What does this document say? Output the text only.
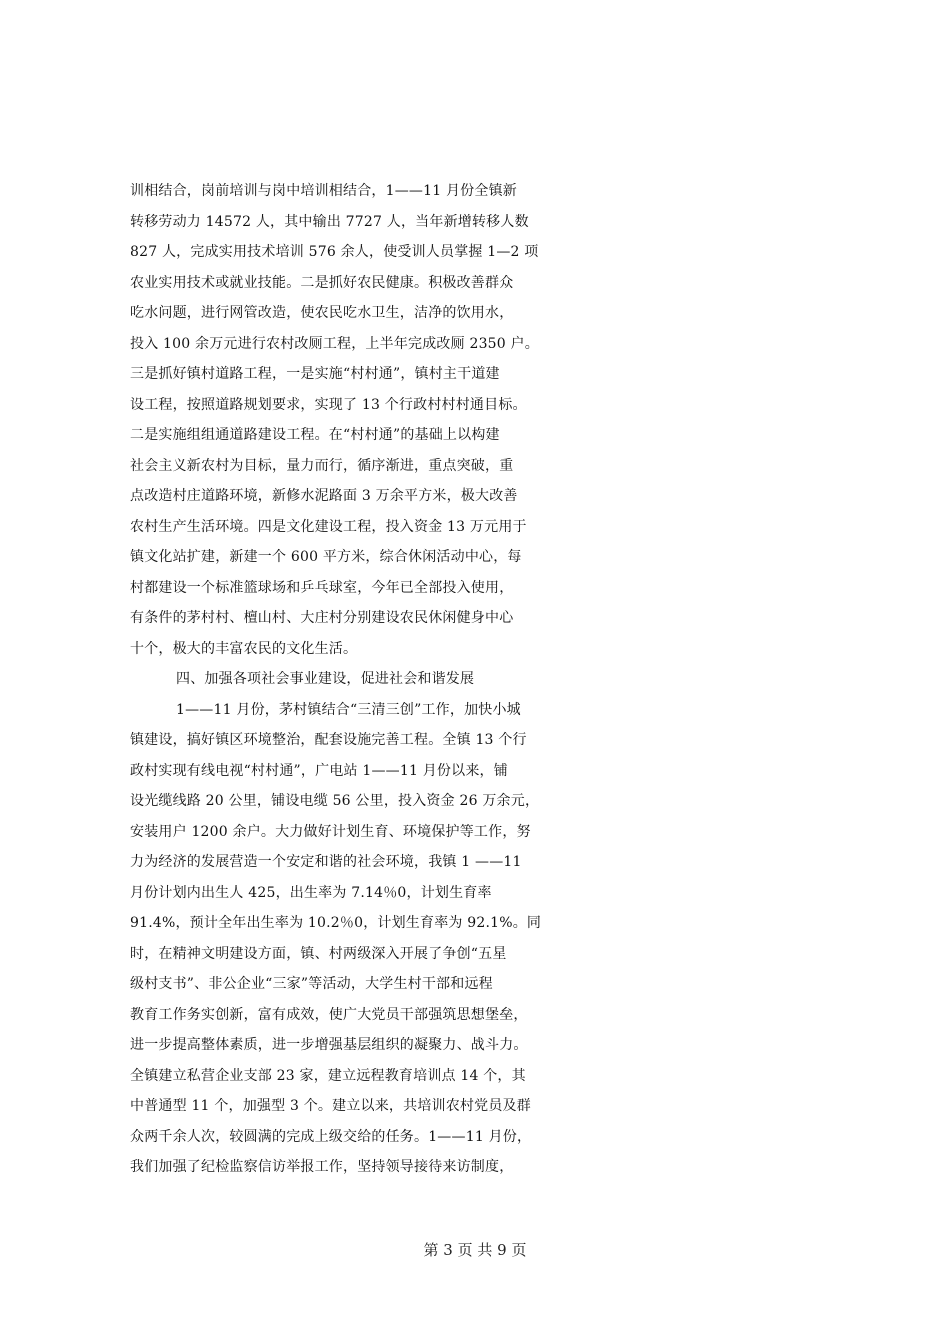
训相结合，岗前培训与岗中培训相结合，1——11 月份全镇新
转移劳动力 14572 人，其中输出 7727 人，当年新增转移人数
827 人，完成实用技术培训 576 余人，使受训人员掌握 1—2 项
农业实用技术或就业技能。二是抓好农民健康。积极改善群众
吃水问题，进行网管改造，使农民吃水卫生，洁净的饮用水，
投入 100 余万元进行农村改厕工程，上半年完成改厕 2350 户。
三是抓好镇村道路工程，一是实施“村村通”，镇村主干道建
设工程，按照道路规划要求，实现了 13 个行政村村村通目标。
二是实施组组通道路建设工程。在“村村通”的基础上以构建
社会主义新农村为目标，量力而行，循序渐进，重点突破，重
点改造村庄道路环境，新修水泥路面 3 万余平方米，极大改善
农村生产生活环境。四是文化建设工程，投入资金 13 万元用于
镇文化站扩建，新建一个 600 平方米，综合休闲活动中心，每
村都建设一个标准篮球场和乒乓球室，今年已全部投入使用，
有条件的茅村村、檀山村、大庄村分别建设农民休闲健身中心
十个，极大的丰富农民的文化生活。
四、加强各项社会事业建设，促进社会和谐发展
1——11 月份，茅村镇结合“三清三创”工作，加快小城
镇建设，搞好镇区环境整治，配套设施完善工程。全镇 13 个行
政村实现有线电视“村村通”，广电站 1——11 月份以来，铺
设光缆线路 20 公里，铺设电缆 56 公里，投入资金 26 万余元，
安装用户 1200 余户。大力做好计划生育、环境保护等工作，努
力为经济的发展营造一个安定和谐的社会环境，我镇 1 ——11
月份计划内出生人 425，出生率为 7.14％0，计划生育率
91.4%，预计全年出生率为 10.2％0，计划生育率为 92.1%。同
时，在精神文明建设方面，镇、村两级深入开展了争创“五星
级村支书”、非公企业“三家”等活动，大学生村干部和远程
教育工作务实创新，富有成效，使广大党员干部强筑思想堡垒，
进一步提高整体素质，进一步增强基层组织的凝聚力、战斗力。
全镇建立私营企业支部 23 家，建立远程教育培训点 14 个，其
中普通型 11 个，加强型 3 个。建立以来，共培训农村党员及群
众两千余人次，较圆满的完成上级交给的任务。1——11 月份，
我们加强了纪检监察信访举报工作，坚持领导接待来访制度，
第 3 页 共 9 页
